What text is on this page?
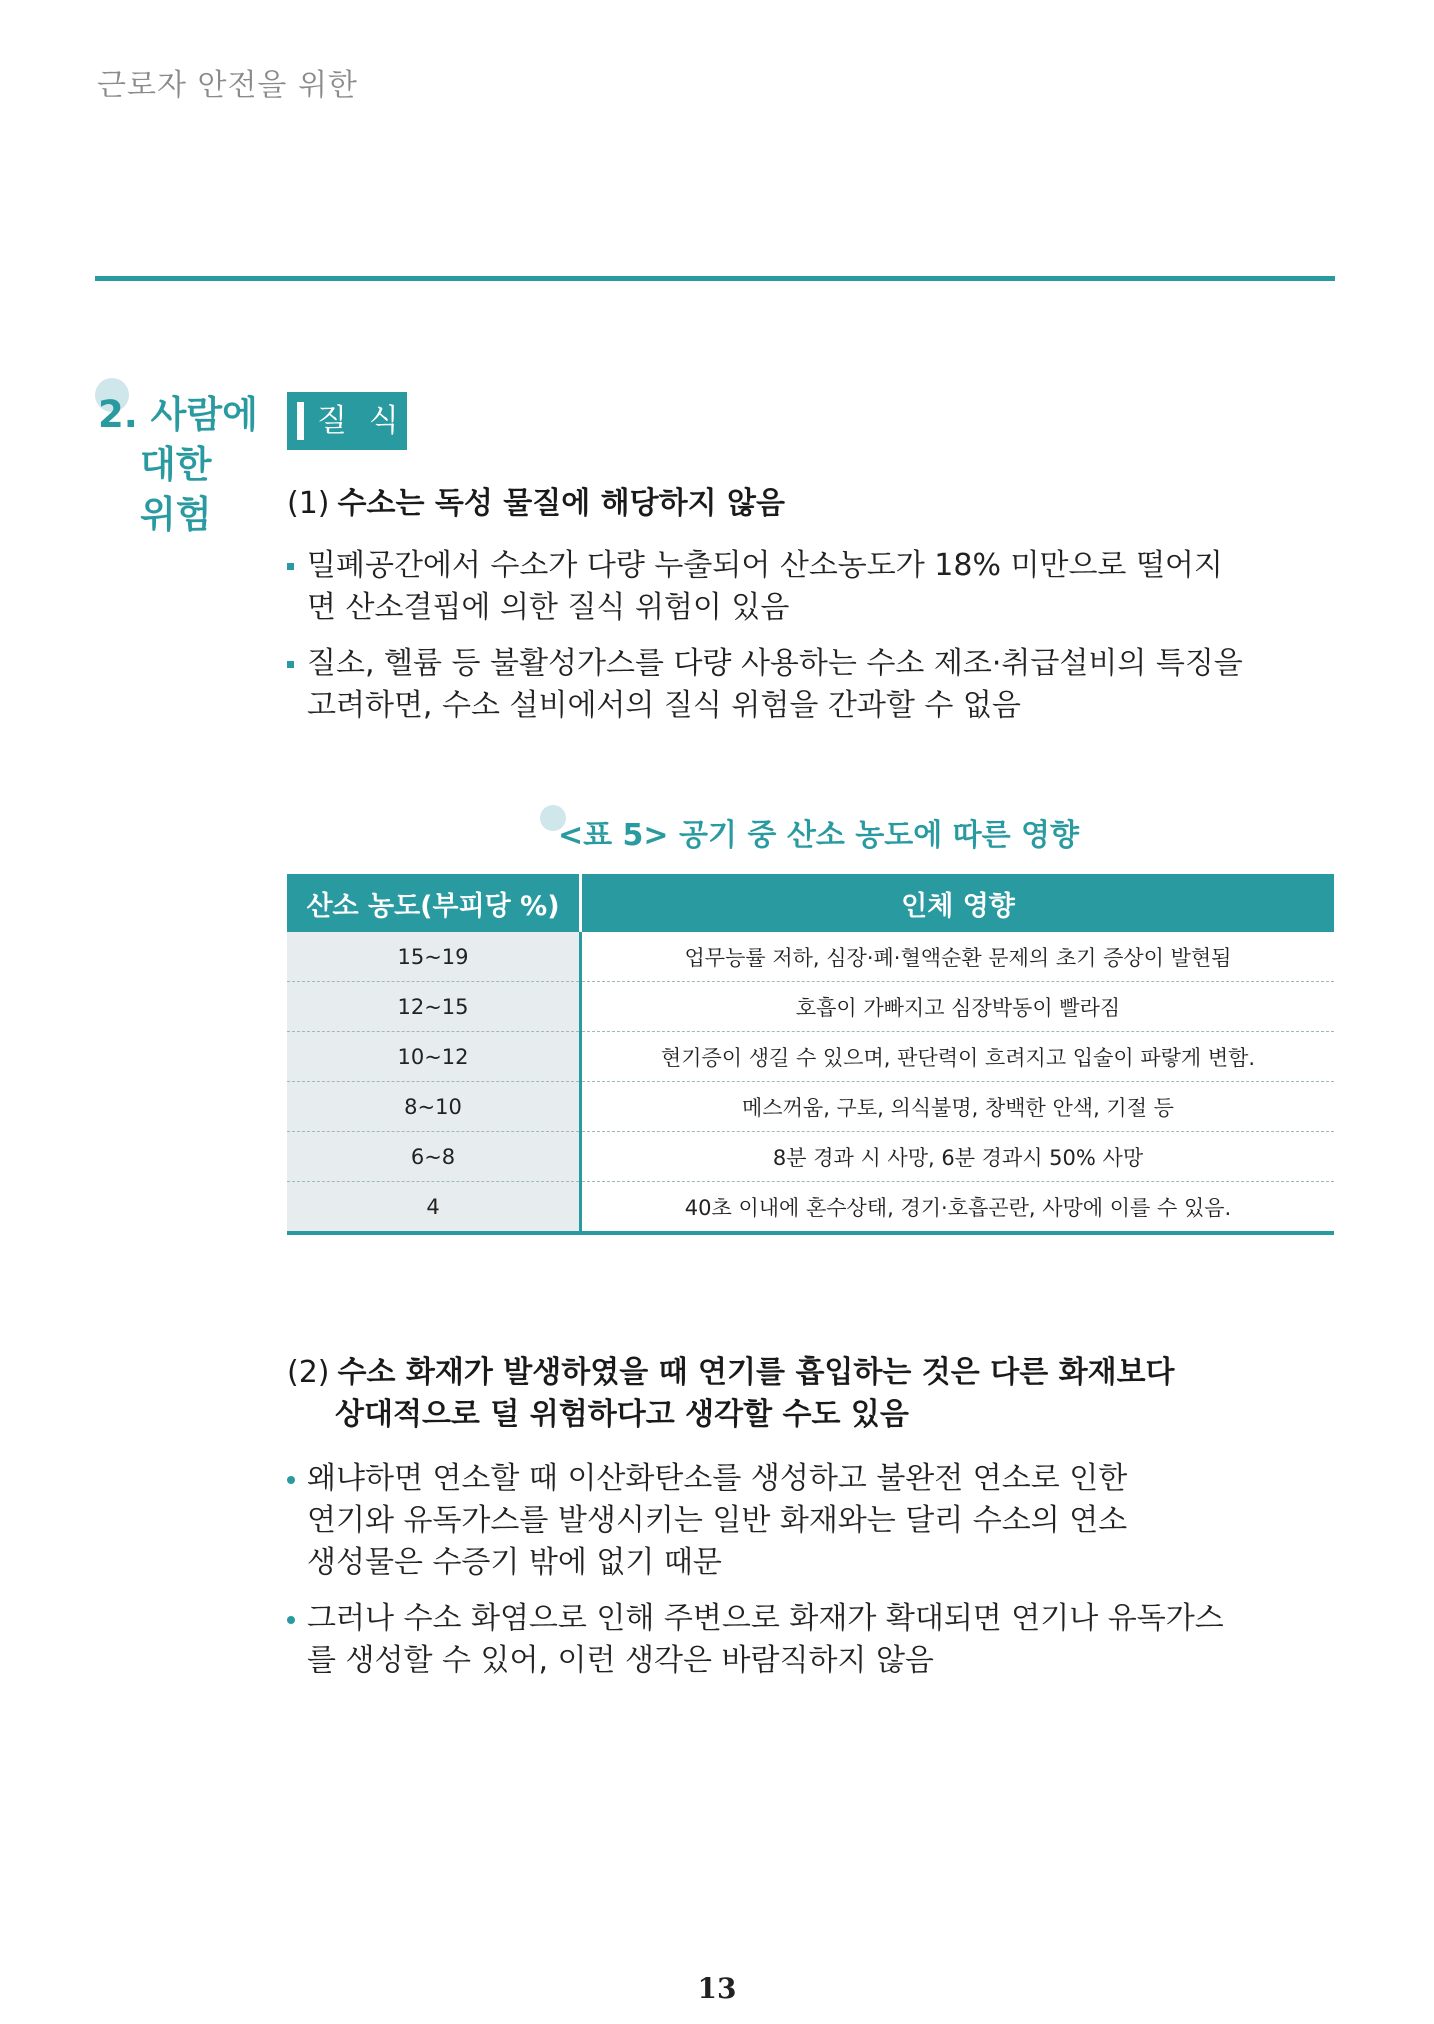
근로자 안전을 위한
2. 사람에
대한
위험
질 식
(1) 수소는 독성 물질에 해당하지 않음
밀폐공간에서 수소가 다량 누출되어 산소농도가 18% 미만으로 떨어지면 산소결핍에 의한 질식 위험이 있음
질소, 헬륨 등 불활성가스를 다량 사용하는 수소 제조·취급설비의 특징을 고려하면, 수소 설비에서의 질식 위험을 간과할 수 없음
<표 5> 공기 중 산소 농도에 따른 영향
산소 농도(부피당 %)	인체 영향
15~19	업무능률 저하, 심장·폐·혈액순환 문제의 초기 증상이 발현됨
12~15	호흡이 가빠지고 심장박동이 빨라짐
10~12	현기증이 생길 수 있으며, 판단력이 흐려지고 입술이 파랗게 변함.
8~10	메스꺼움, 구토, 의식불명, 창백한 안색, 기절 등
6~8	8분 경과 시 사망, 6분 경과시 50% 사망
4	40초 이내에 혼수상태, 경기·호흡곤란, 사망에 이를 수 있음.
(2) 수소 화재가 발생하였을 때 연기를 흡입하는 것은 다른 화재보다
상대적으로 덜 위험하다고 생각할 수도 있음
왜냐하면 연소할 때 이산화탄소를 생성하고 불완전 연소로 인한 연기와 유독가스를 발생시키는 일반 화재와는 달리 수소의 연소 생성물은 수증기 밖에 없기 때문
그러나 수소 화염으로 인해 주변으로 화재가 확대되면 연기나 유독가스를 생성할 수 있어, 이런 생각은 바람직하지 않음
13
